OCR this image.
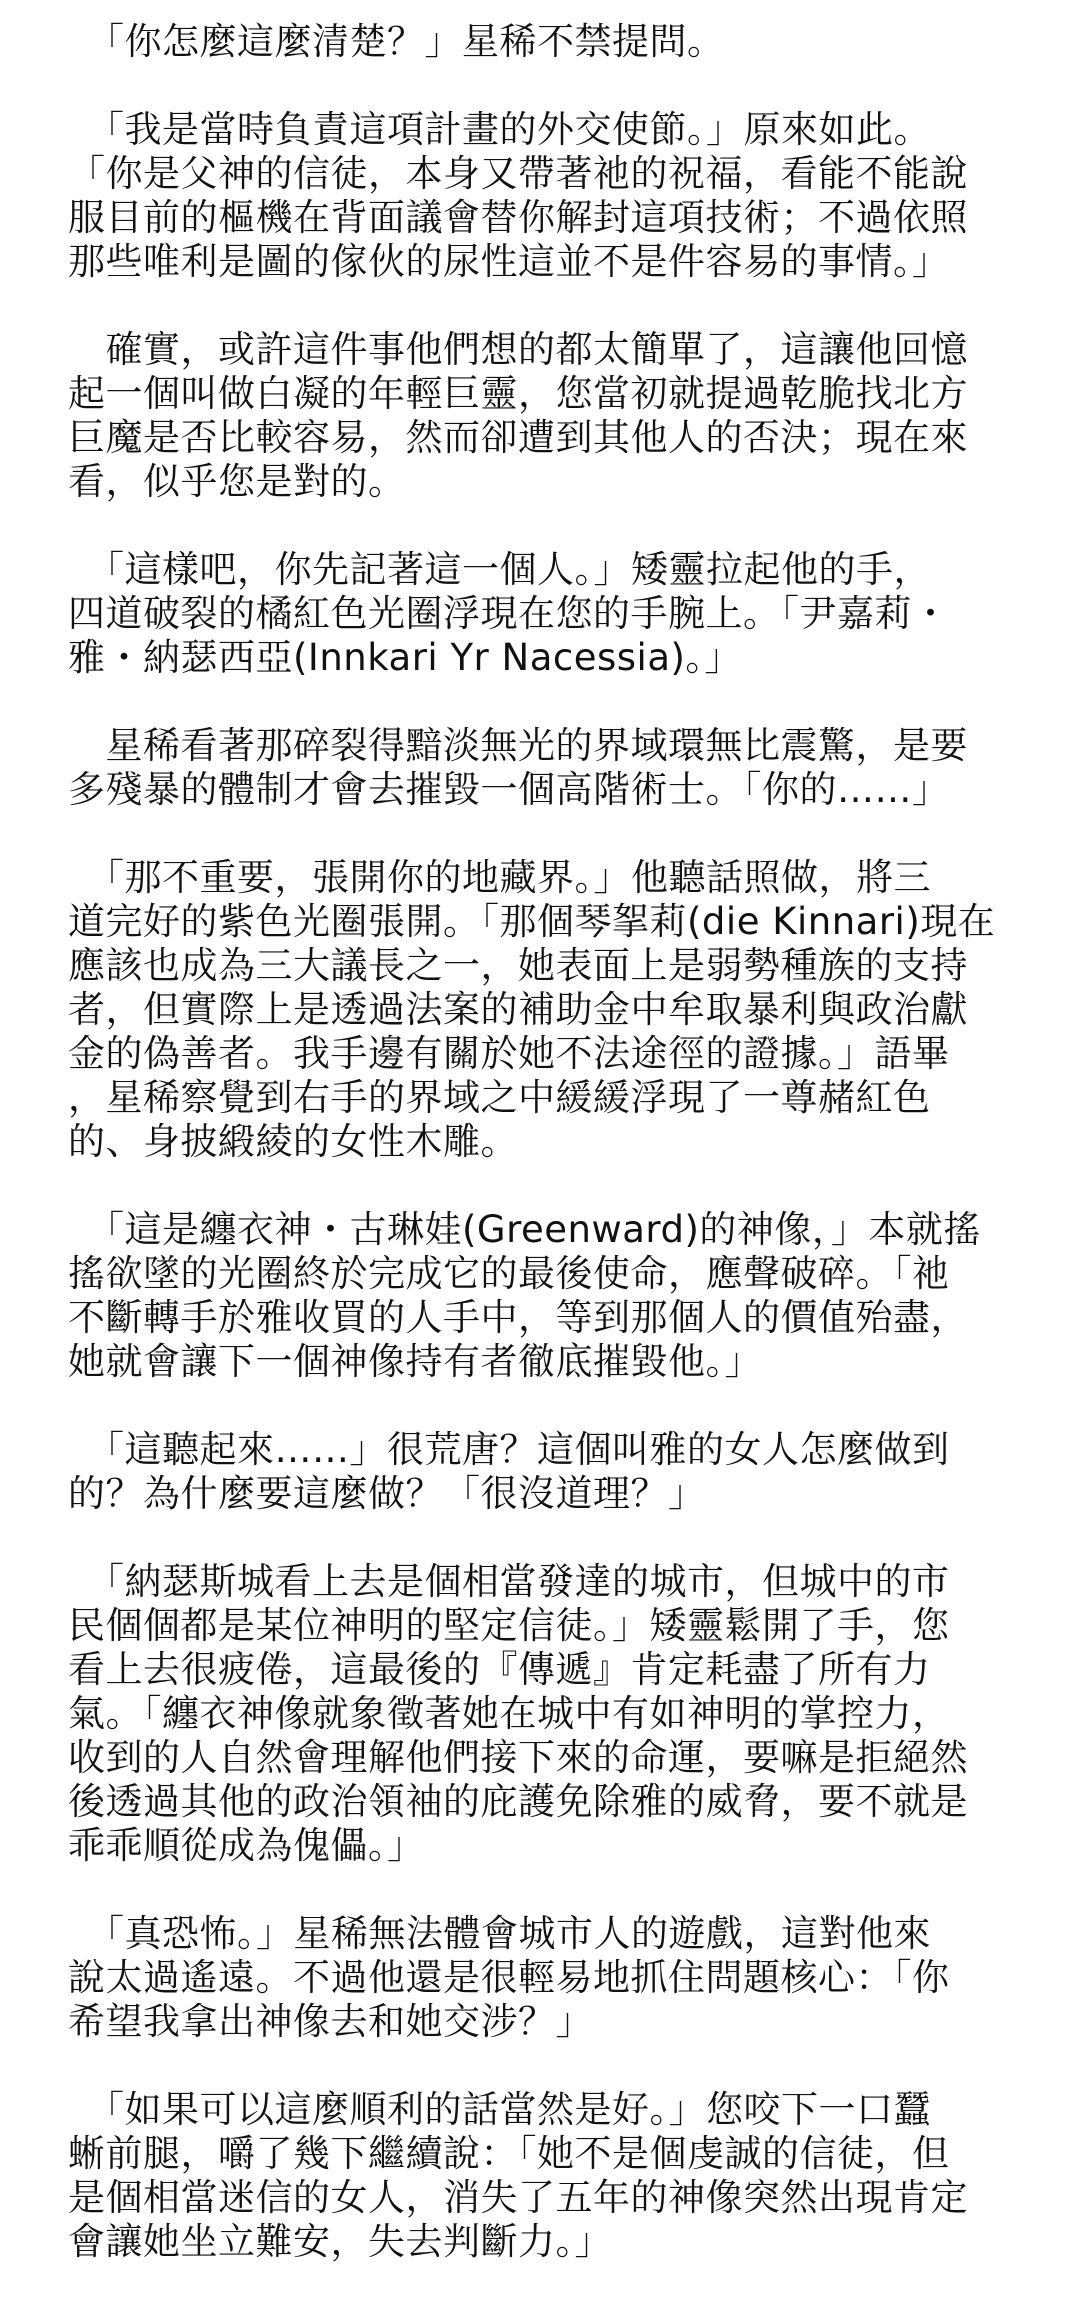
　「你怎麼這麼清楚？」星稀不禁提問。
　「我是當時負責這項計畫的外交使節。」原來如此。
「你是父神的信徒，本身又帶著祂的祝福，看能不能說
服目前的樞機在背面議會替你解封這項技術；不過依照
那些唯利是圖的傢伙的尿性這並不是件容易的事情。」
　確實，或許這件事他們想的都太簡單了，這讓他回憶
起一個叫做白凝的年輕巨靈，您當初就提過乾脆找北方
巨魔是否比較容易，然而卻遭到其他人的否決；現在來
看，似乎您是對的。
　「這樣吧，你先記著這一個人。」矮靈拉起他的手，
四道破裂的橘紅色光圈浮現在您的手腕上。「尹嘉莉・
雅・納瑟西亞(Innkari Yr Nacessia)。」
　星稀看著那碎裂得黯淡無光的界域環無比震驚，是要
多殘暴的體制才會去摧毀一個高階術士。「你的……」
　「那不重要，張開你的地藏界。」他聽話照做，將三
道完好的紫色光圈張開。「那個琴挐莉(die Kinnari)現在
應該也成為三大議長之一，她表面上是弱勢種族的支持
者，但實際上是透過法案的補助金中牟取暴利與政治獻
金的偽善者。我手邊有關於她不法途徑的證據。」語畢
，星稀察覺到右手的界域之中緩緩浮現了一尊赭紅色
的、身披緞綾的女性木雕。
　「這是纏衣神・古琳娃(Greenward)的神像，」本就搖
搖欲墜的光圈終於完成它的最後使命，應聲破碎。「祂
不斷轉手於雅收買的人手中，等到那個人的價值殆盡，
她就會讓下一個神像持有者徹底摧毀他。」
　「這聽起來……」很荒唐？這個叫雅的女人怎麼做到
的？為什麼要這麼做？「很沒道理？」
　「納瑟斯城看上去是個相當發達的城市，但城中的市
民個個都是某位神明的堅定信徒。」矮靈鬆開了手，您
看上去很疲倦，這最後的『傳遞』肯定耗盡了所有力
氣。「纏衣神像就象徵著她在城中有如神明的掌控力，
收到的人自然會理解他們接下來的命運，要嘛是拒絕然
後透過其他的政治領袖的庇護免除雅的威脅，要不就是
乖乖順從成為傀儡。」
　「真恐怖。」星稀無法體會城市人的遊戲，這對他來
說太過遙遠。不過他還是很輕易地抓住問題核心：「你
希望我拿出神像去和她交涉？」
　「如果可以這麼順利的話當然是好。」您咬下一口蠶
蜥前腿，嚼了幾下繼續說：「她不是個虔誠的信徒，但
是個相當迷信的女人，消失了五年的神像突然出現肯定
會讓她坐立難安，失去判斷力。」
